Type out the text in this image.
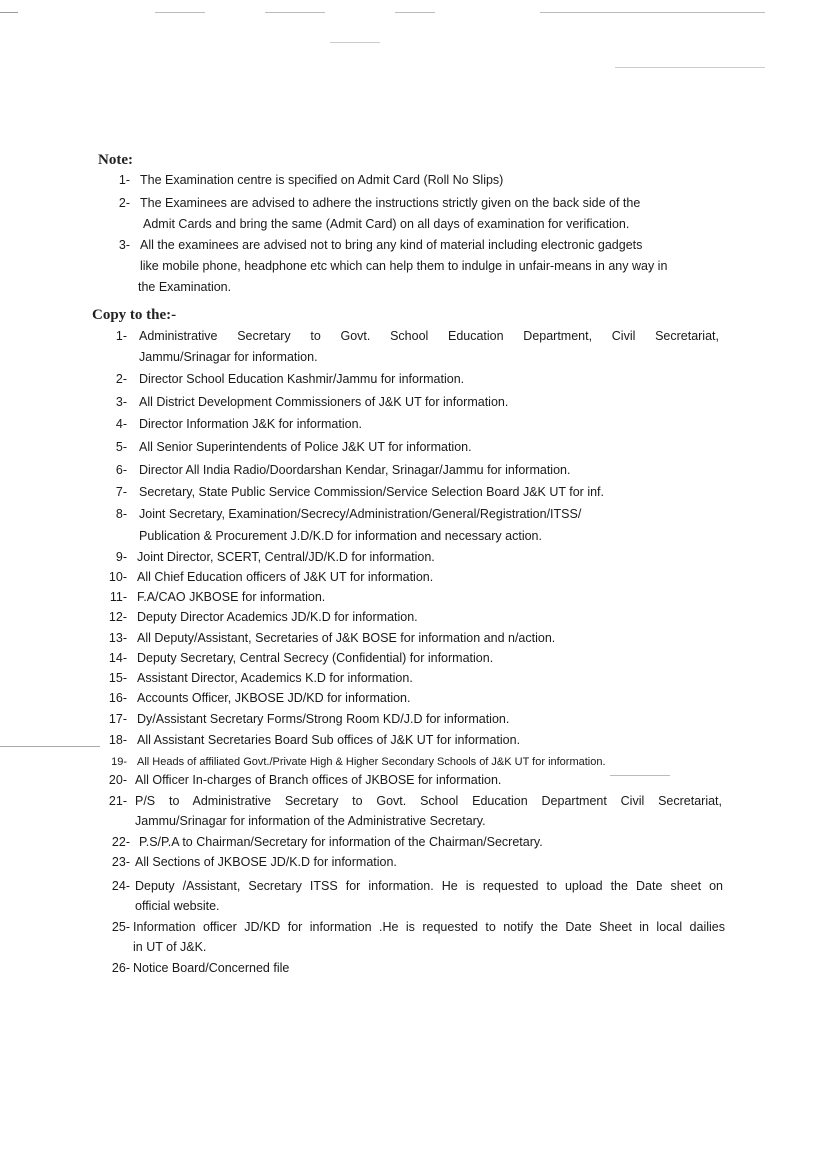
Note:
1- The Examination centre is specified on Admit Card (Roll No Slips)
2- The Examinees are advised to adhere the instructions strictly given on the back side of the
Admit Cards and bring the same (Admit Card) on all days of examination for verification.
3- All the examinees are advised not to bring any kind of material including electronic gadgets
like mobile phone, headphone etc which can help them to indulge in unfair-means in any way in
the Examination.
Copy to the:-
1- Administrative Secretary to Govt. School Education Department, Civil Secretariat,
Jammu/Srinagar for information.
2- Director School Education Kashmir/Jammu for information.
3- All District Development Commissioners of J&K UT for information.
4- Director Information J&K for information.
5- All Senior Superintendents of Police J&K UT for information.
6- Director All India Radio/Doordarshan Kendar, Srinagar/Jammu for information.
7- Secretary, State Public Service Commission/Service Selection Board J&K UT for inf.
8- Joint Secretary, Examination/Secrecy/Administration/General/Registration/ITSS/
Publication & Procurement J.D/K.D for information and necessary action.
9- Joint Director, SCERT, Central/JD/K.D for information.
10- All Chief Education officers of J&K UT for information.
11- F.A/CAO JKBOSE for information.
12- Deputy Director Academics JD/K.D for information.
13- All Deputy/Assistant, Secretaries of J&K BOSE for information and n/action.
14- Deputy Secretary, Central Secrecy (Confidential) for information.
15- Assistant Director, Academics K.D for information.
16- Accounts Officer, JKBOSE JD/KD for information.
17- Dy/Assistant Secretary Forms/Strong Room KD/J.D for information.
18- All Assistant Secretaries Board Sub offices of J&K UT for information.
19- All Heads of affiliated Govt./Private High & Higher Secondary Schools of J&K UT for information.
20- All Officer In-charges of Branch offices of JKBOSE for information.
21- P/S to Administrative Secretary to Govt. School Education Department Civil Secretariat,
Jammu/Srinagar for information of the Administrative Secretary.
22- P.S/P.A to Chairman/Secretary for information of the Chairman/Secretary.
23- All Sections of JKBOSE JD/K.D for information.
24- Deputy /Assistant, Secretary ITSS for information. He is requested to upload the Date sheet on
official website.
25- Information officer JD/KD for information .He is requested to notify the Date Sheet in local dailies
in UT of J&K.
26- Notice Board/Concerned file
